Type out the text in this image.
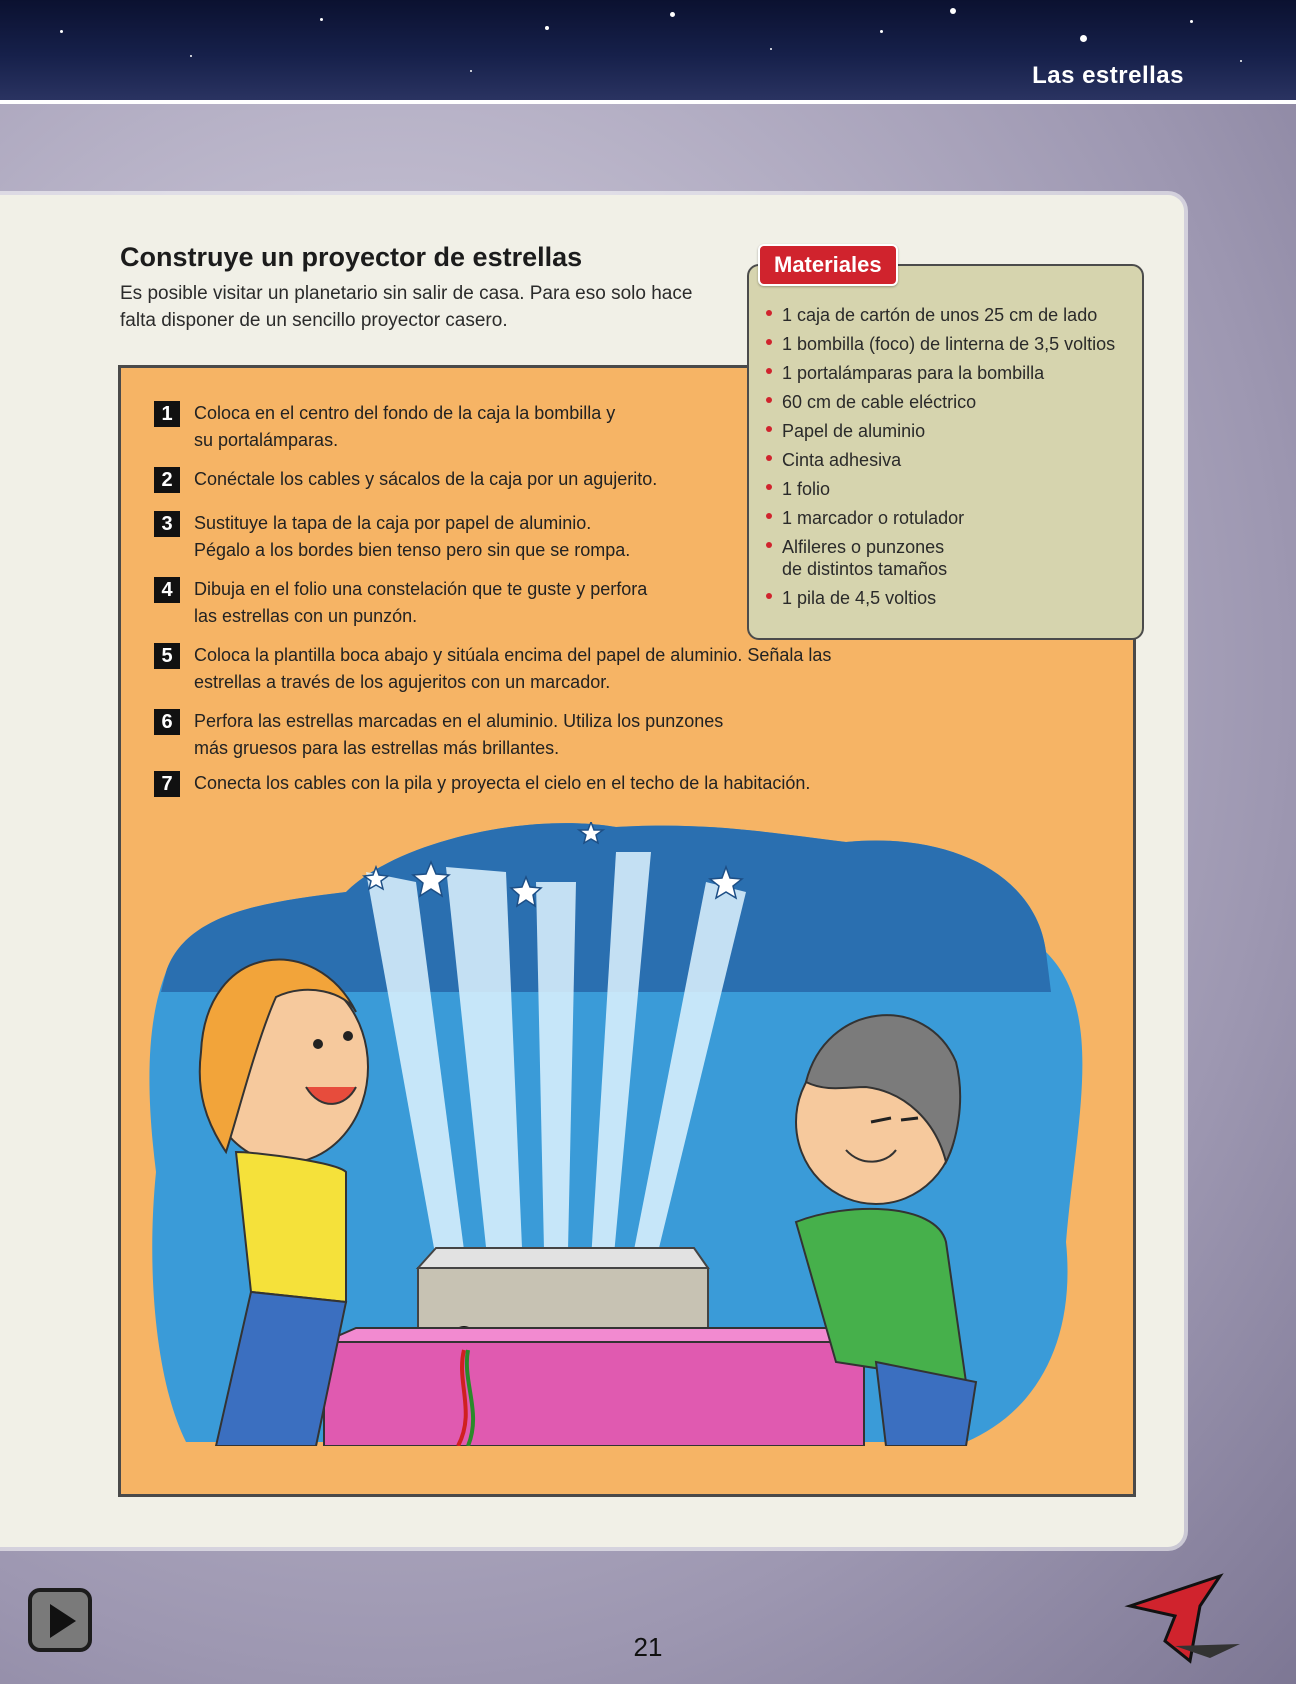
Las estrellas
Construye un proyector de estrellas
Es posible visitar un planetario sin salir de casa. Para eso solo hace falta disponer de un sencillo proyector casero.
Materiales
1 caja de cartón de unos 25 cm de lado
1 bombilla (foco) de linterna de 3,5 voltios
1 portalámparas para la bombilla
60 cm de cable eléctrico
Papel de aluminio
Cinta adhesiva
1 folio
1 marcador o rotulador
Alfileres o punzones de distintos tamaños
1 pila de 4,5 voltios
1	Coloca en el centro del fondo de la caja la bombilla y su portalámparas.
2	Conéctale los cables y sácalos de la caja por un agujerito.
3	Sustituye la tapa de la caja por papel de aluminio. Pégalo a los bordes bien tenso pero sin que se rompa.
4	Dibuja en el folio una constelación que te guste y perfora las estrellas con un punzón.
5	Coloca la plantilla boca abajo y sitúala encima del papel de aluminio. Señala las estrellas a través de los agujeritos con un marcador.
6	Perfora las estrellas marcadas en el aluminio. Utiliza los punzones más gruesos para las estrellas más brillantes.
7	Conecta los cables con la pila y proyecta el cielo en el techo de la habitación.
21
